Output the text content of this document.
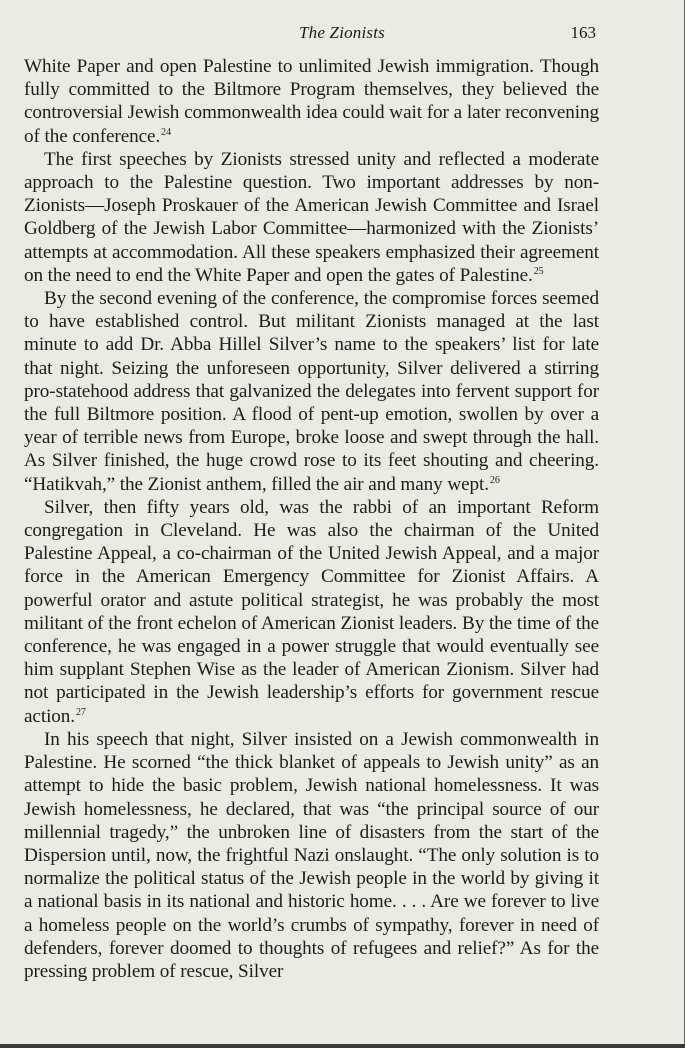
The Zionists	163

White Paper and open Palestine to unlimited Jewish immigration. Though fully committed to the Biltmore Program themselves, they believed the controversial Jewish commonwealth idea could wait for a later reconvening of the conference.$^{24}$

The first speeches by Zionists stressed unity and reflected a moderate approach to the Palestine question. Two important addresses by non-Zionists—Joseph Proskauer of the American Jewish Committee and Israel Goldberg of the Jewish Labor Committee—harmonized with the Zionists’ attempts at accommodation. All these speakers emphasized their agreement on the need to end the White Paper and open the gates of Palestine.$^{25}$

By the second evening of the conference, the compromise forces seemed to have established control. But militant Zionists managed at the last minute to add Dr. Abba Hillel Silver’s name to the speakers’ list for late that night. Seizing the unforeseen opportunity, Silver delivered a stirring pro-statehood address that galvanized the delegates into fervent support for the full Biltmore position. A flood of pent-up emotion, swollen by over a year of terrible news from Europe, broke loose and swept through the hall. As Silver finished, the huge crowd rose to its feet shouting and cheering. “Hatikvah,” the Zionist anthem, filled the air and many wept.$^{26}$

Silver, then fifty years old, was the rabbi of an important Reform congregation in Cleveland. He was also the chairman of the United Palestine Appeal, a co-chairman of the United Jewish Appeal, and a major force in the American Emergency Committee for Zionist Affairs. A powerful orator and astute political strategist, he was probably the most militant of the front echelon of American Zionist leaders. By the time of the conference, he was engaged in a power struggle that would eventually see him supplant Stephen Wise as the leader of American Zionism. Silver had not participated in the Jewish leadership’s efforts for government rescue action.$^{27}$

In his speech that night, Silver insisted on a Jewish commonwealth in Palestine. He scorned “the thick blanket of appeals to Jewish unity” as an attempt to hide the basic problem, Jewish national homelessness. It was Jewish homelessness, he declared, that was “the principal source of our millennial tragedy,” the unbroken line of disasters from the start of the Dispersion until, now, the frightful Nazi onslaught. “The only solution is to normalize the political status of the Jewish people in the world by giving it a national basis in its national and historic home. . . . Are we forever to live a homeless people on the world’s crumbs of sympathy, forever in need of defenders, forever doomed to thoughts of refugees and relief?” As for the pressing problem of rescue, Silver
